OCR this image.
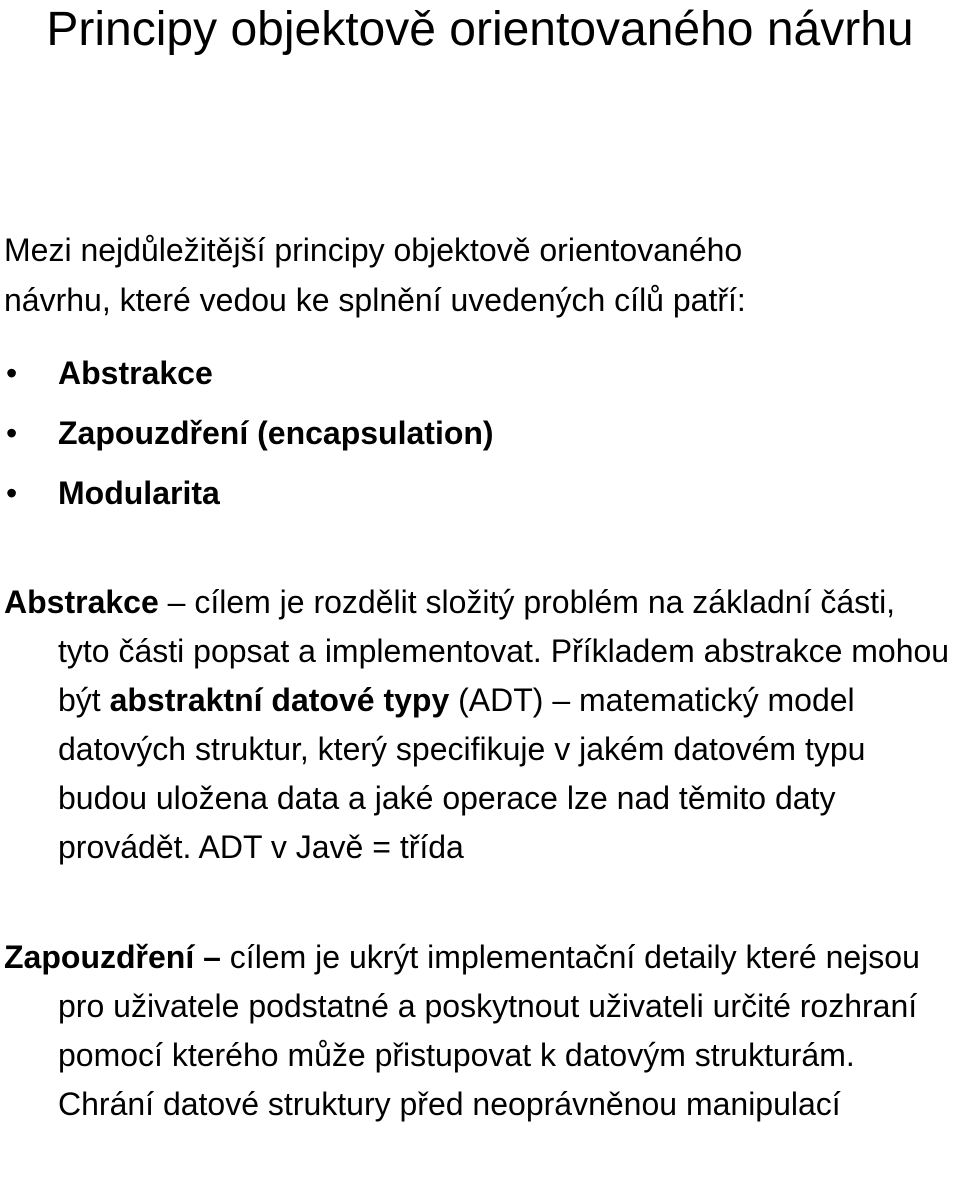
Principy objektově orientovaného návrhu

Mezi nejdůležitější principy objektově orientovaného
návrhu, které vedou ke splnění uvedených cílů patří:

• Abstrakce
• Zapouzdření (encapsulation)
• Modularita

Abstrakce – cílem je rozdělit složitý problém na základní části, tyto části popsat a implementovat. Příkladem abstrakce mohou být abstraktní datové typy (ADT) – matematický model datových struktur, který specifikuje v jakém datovém typu budou uložena data a jaké operace lze nad těmito daty provádět. ADT v Javě = třída

Zapouzdření – cílem je ukrýt implementační detaily které nejsou pro uživatele podstatné a poskytnout uživateli určité rozhraní pomocí kterého může přistupovat k datovým strukturám. Chrání datové struktury před neoprávněnou manipulací
